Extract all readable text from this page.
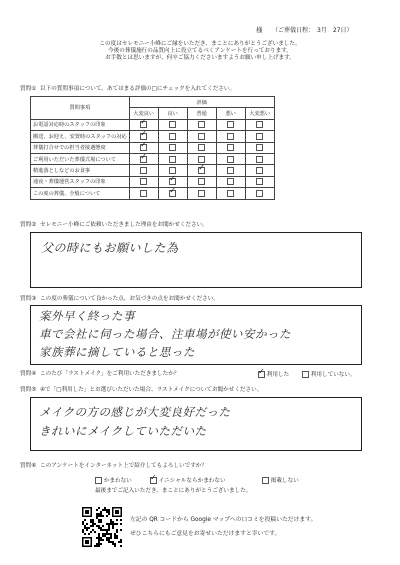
様 （ご葬儀日程：　3月　27日）
この度はセレモニー小峰にご縁をいただき、まことにありがとうございました。
今後の葬儀施行の品質向上に役立てるべくアンケートを行っております。
お手数とは思いますが、何卒ご協力くださいますようお願い申し上げます。
質問① 以下の質問事項について、あてはまる評価の□にチェックを入れてください。
質問事項	評価				
	大変良い	良い	普通	悪い	大変悪い
お電話対応時のスタッフの印象	✓				

搬送、お迎え、安置時のスタッフの対応	✓				

葬儀打合せでの担当者接遇態度	✓				

ご利用いただいた葬儀式場について	✓				

精進落としなどのお食事			✓		

通夜・葬儀運営スタッフの印象		✓			

この度の葬儀、全般について		✓			

質問② セレモニー小峰にご依頼いただきました理由をお聞かせください。
父の時にもお願いした為
質問③ この度の葬儀について良かった点、お気づきの点をお聞かせください。
案外早く終った事
車で会社に伺った場合、注車場が使い安かった
家族葬に摘していると思った
質問④ このたび「ラストメイク」をご利用いただきましたか？	✓ 利用した	利用していない。
質問⑤ ④で「□利用した」とお選びいただいた場合、ラストメイクについてお聞かせください。
メイクの方の感じが大変良好だった
きれいにメイクしていただいた
質問⑥ このアンケートをインターネット上で紹介してもよろしいですか？
かまわない ✓ イニシャルならかまわない	掲載しない
最後までご記入いただき、まことにありがとうございました。
左記の QR コードから Google マップへの口コミを投稿いただけます。
ぜひこちらにもご意見をお寄せいただけますと幸いです。
